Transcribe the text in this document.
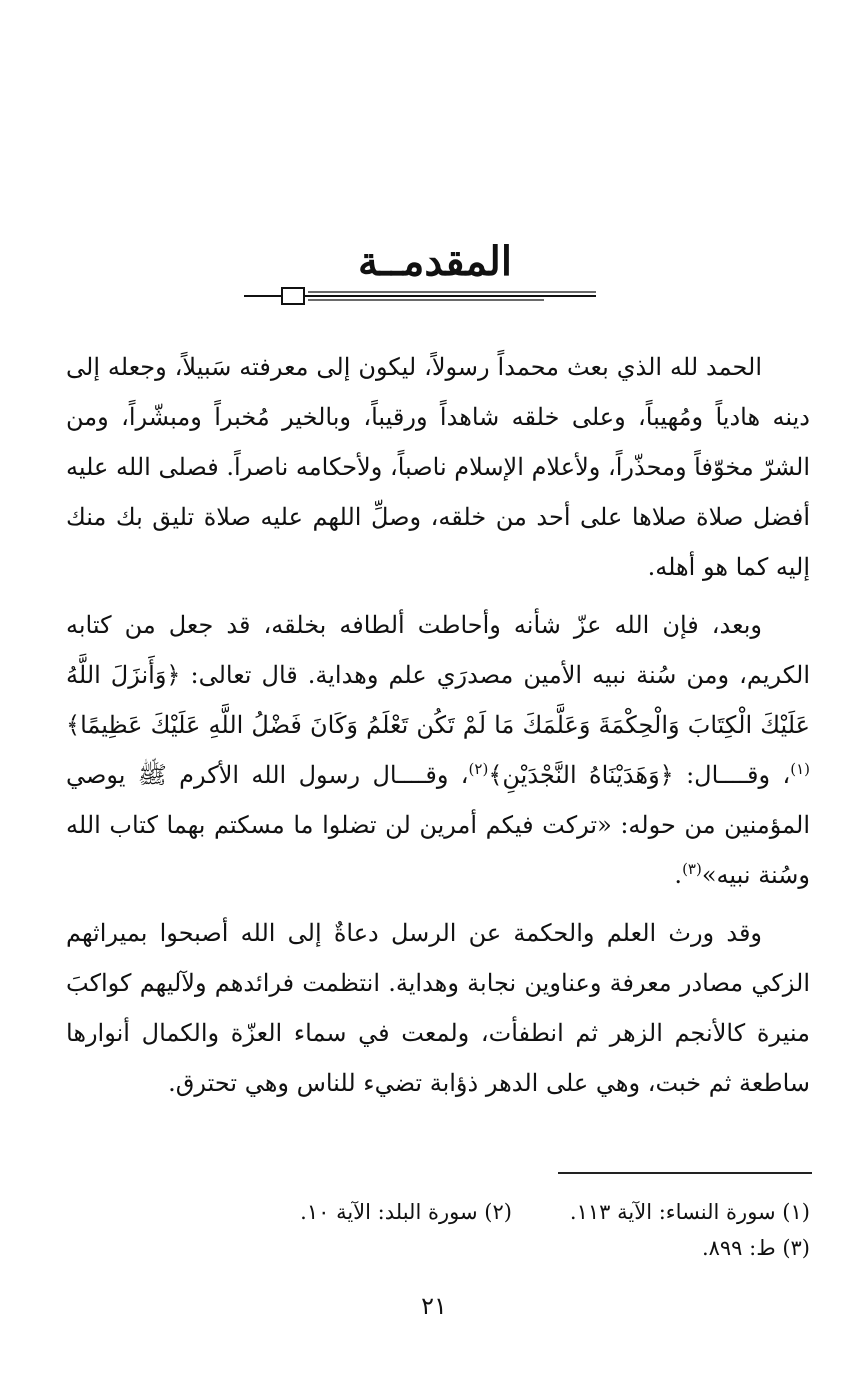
المقدمــة

الحمد لله الذي بعث محمداً رسولاً، ليكون إلى معرفته سَبيلاً، وجعله إلى دينه هادياً ومُهيباً، وعلى خلقه شاهداً ورقيباً، وبالخير مُخبراً ومبشّراً، ومن الشرّ مخوّفاً ومحذّراً، ولأعلام الإسلام ناصباً، ولأحكامه ناصراً. فصلى الله عليه أفضل صلاة صلاها على أحد من خلقه، وصلِّ اللهم عليه صلاة تليق بك منك إليه كما هو أهله.

وبعد، فإن الله عزّ شأنه وأحاطت ألطافه بخلقه، قد جعل من كتابه الكريم، ومن سُنة نبيه الأمين مصدرَي علم وهداية. قال تعالى: ﴿وَأَنزَلَ اللَّهُ عَلَيْكَ الْكِتَابَ وَالْحِكْمَةَ وَعَلَّمَكَ مَا لَمْ تَكُن تَعْلَمُ وَكَانَ فَضْلُ اللَّهِ عَلَيْكَ عَظِيمًا﴾$^{(١)}$، وقــــال: ﴿وَهَدَيْنَاهُ النَّجْدَيْنِ﴾$^{(٢)}$، وقــــال رسول الله الأكرم ﷺ يوصي المؤمنين من حوله: «تركت فيكم أمرين لن تضلوا ما مسكتم بهما كتاب الله وسُنة نبيه»$^{(٣)}$.

وقد ورث العلم والحكمة عن الرسل دعاةٌ إلى الله أصبحوا بميراثهم الزكي مصادر معرفة وعناوين نجابة وهداية. انتظمت فرائدهم ولآليهم كواكبَ منيرة كالأنجم الزهر ثم انطفأت، ولمعت في سماء العزّة والكمال أنوارها ساطعة ثم خبت، وهي على الدهر ذؤابة تضيء للناس وهي تحترق.

(١) سورة النساء: الآية ١١٣.
(٢) سورة البلد: الآية ١٠.
(٣) ط: ٨٩٩.
٢١
